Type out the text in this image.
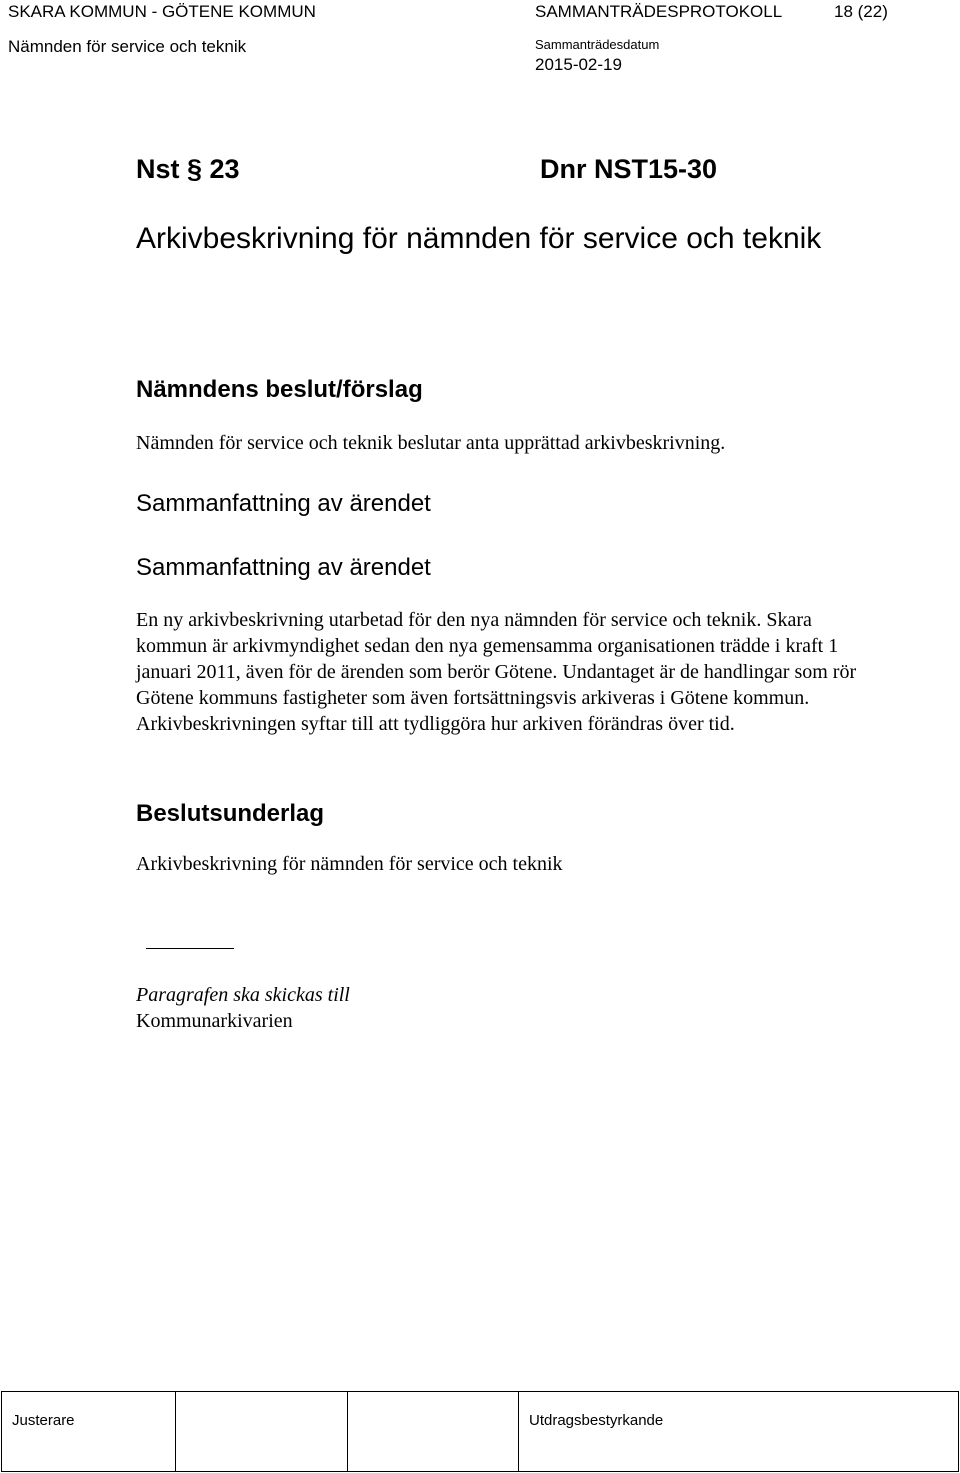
SKARA KOMMUN - GÖTENE KOMMUN	SAMMANTRÄDESPROTOKOLL	18 (22)
Nämnden för service och teknik	Sammanträdesdatum
2015-02-19
Nst § 23	Dnr NST15-30
Arkivbeskrivning för nämnden för service och teknik
Nämndens beslut/förslag
Nämnden för service och teknik beslutar anta upprättad arkivbeskrivning.
Sammanfattning av ärendet
Sammanfattning av ärendet
En ny arkivbeskrivning utarbetad för den nya nämnden för service och teknik. Skara kommun är arkivmyndighet sedan den nya gemensamma organisationen trädde i kraft 1 januari 2011, även för de ärenden som berör Götene. Undantaget är de handlingar som rör Götene kommuns fastigheter som även fortsättningsvis arkiveras i Götene kommun. Arkivbeskrivningen syftar till att tydliggöra hur arkiven förändras över tid.
Beslutsunderlag
Arkivbeskrivning för nämnden för service och teknik
Paragrafen ska skickas till
Kommunarkivarien
Justerare	Utdragsbestyrkande
